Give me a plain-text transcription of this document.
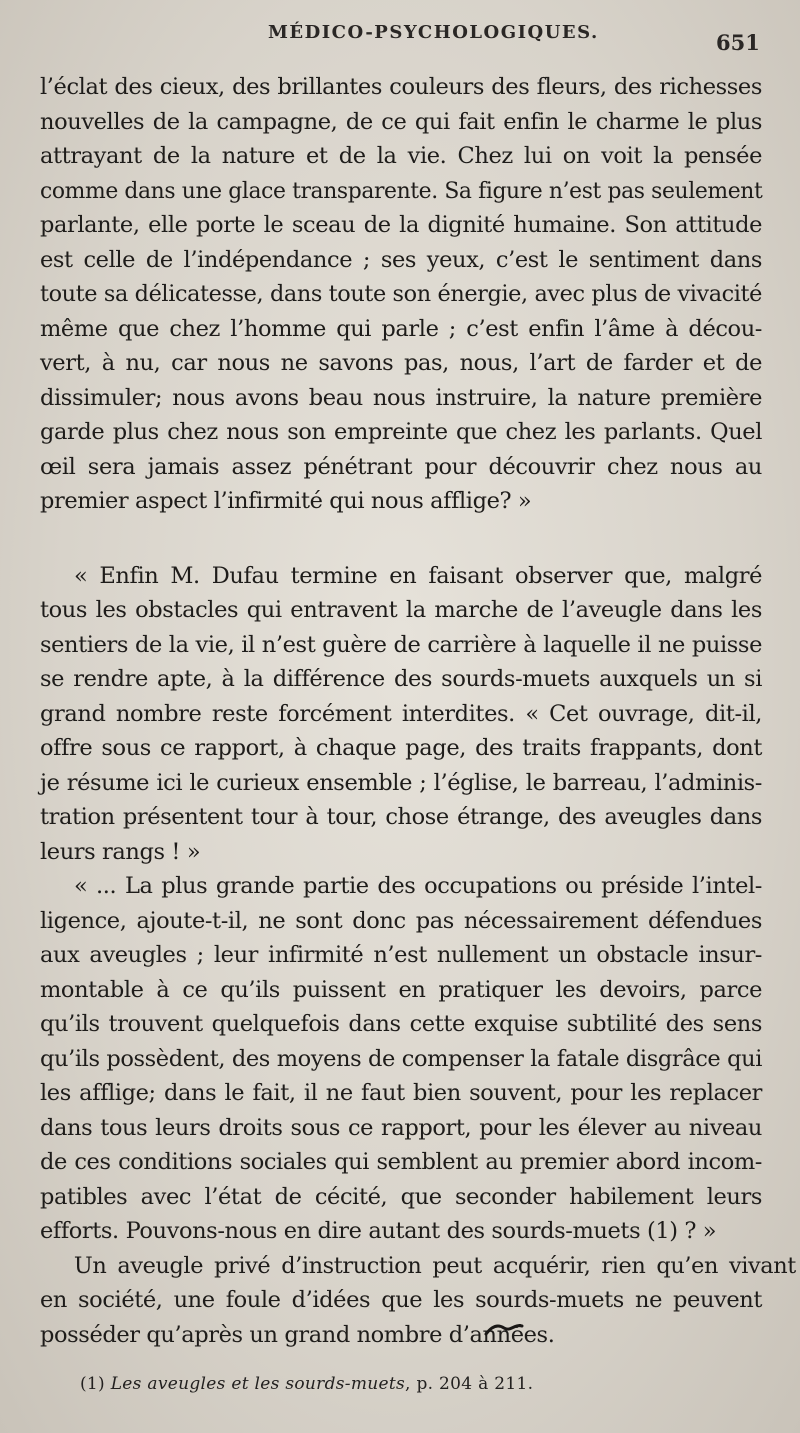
MÉDICO-PSYCHOLOGIQUES.	651
l’éclat des cieux, des brillantes couleurs des fleurs, des richesses
nouvelles de la campagne, de ce qui fait enfin le charme le plus
attrayant de la nature et de la vie. Chez lui on voit la pensée
comme dans une glace transparente. Sa figure n’est pas seulement
parlante, elle porte le sceau de la dignité humaine. Son attitude
est celle de l’indépendance ; ses yeux, c’est le sentiment dans
toute sa délicatesse, dans toute son énergie, avec plus de vivacité
même que chez l’homme qui parle ; c’est enfin l’âme à décou-
vert, à nu, car nous ne savons pas, nous, l’art de farder et de
dissimuler; nous avons beau nous instruire, la nature première
garde plus chez nous son empreinte que chez les parlants. Quel
œil sera jamais assez pénétrant pour découvrir chez nous au
premier aspect l’infirmité qui nous afflige? »
« Enfin M. Dufau termine en faisant observer que, malgré
tous les obstacles qui entravent la marche de l’aveugle dans les
sentiers de la vie, il n’est guère de carrière à laquelle il ne puisse
se rendre apte, à la différence des sourds-muets auxquels un si
grand nombre reste forcément interdites. « Cet ouvrage, dit-il,
offre sous ce rapport, à chaque page, des traits frappants, dont
je résume ici le curieux ensemble ; l’église, le barreau, l’adminis-
tration présentent tour à tour, chose étrange, des aveugles dans
leurs rangs ! »
« ... La plus grande partie des occupations ou préside l’intel-
ligence, ajoute-t-il, ne sont donc pas nécessairement défendues
aux aveugles ; leur infirmité n’est nullement un obstacle insur-
montable à ce qu’ils puissent en pratiquer les devoirs, parce
qu’ils trouvent quelquefois dans cette exquise subtilité des sens
qu’ils possèdent, des moyens de compenser la fatale disgrâce qui
les afflige; dans le fait, il ne faut bien souvent, pour les replacer
dans tous leurs droits sous ce rapport, pour les élever au niveau
de ces conditions sociales qui semblent au premier abord incom-
patibles avec l’état de cécité, que seconder habilement leurs
efforts. Pouvons-nous en dire autant des sourds-muets (1) ? »
Un aveugle privé d’instruction peut acquérir, rien qu’en vivant
en société, une foule d’idées que les sourds-muets ne peuvent
posséder qu’après un grand nombre d’années.
(1) Les aveugles et les sourds-muets, p. 204 à 211.
